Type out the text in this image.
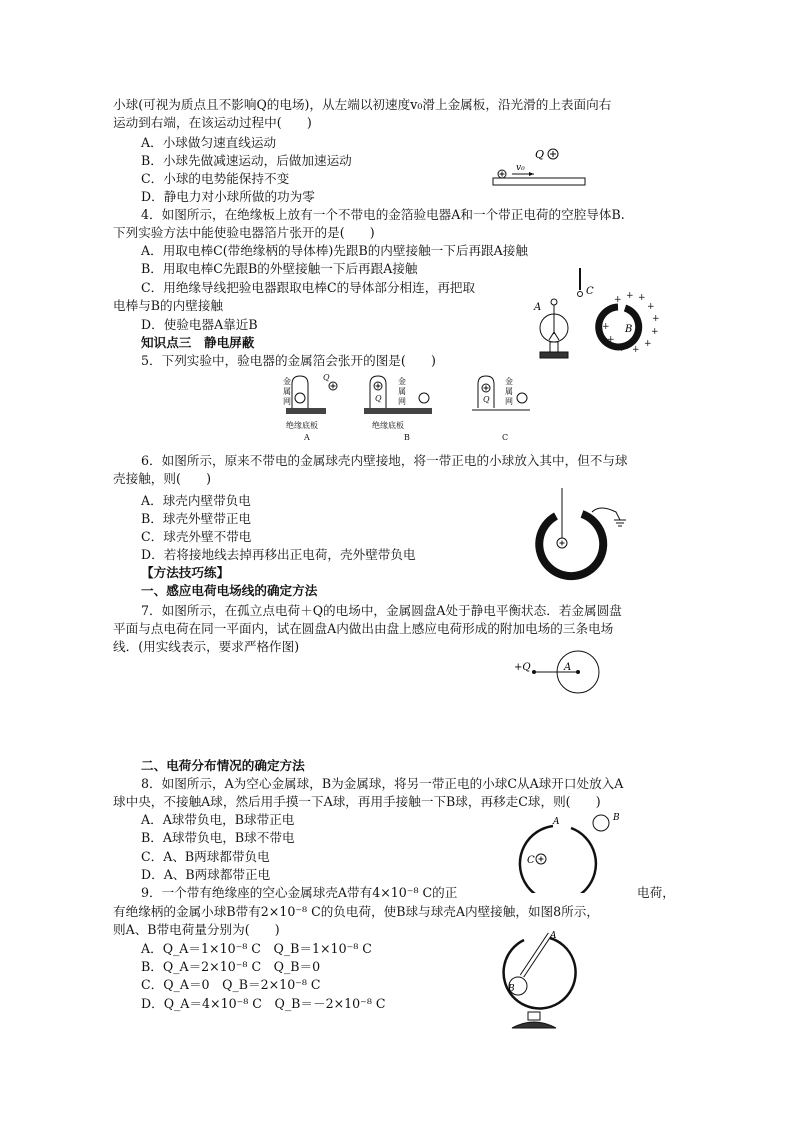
小球(可视为质点且不影响Q的电场)，从左端以初速度v₀滑上金属板，沿光滑的上表面向右
运动到右端，在该运动过程中(　　)
A．小球做匀速直线运动
B．小球先做减速运动，后做加速运动
C．小球的电势能保持不变
D．静电力对小球所做的功为零
Q
v₀
4．如图所示，在绝缘板上放有一个不带电的金箔验电器A和一个带正电荷的空腔导体B.
下列实验方法中能使验电器箔片张开的是(　　)
A．用取电棒C(带绝缘柄的导体棒)先跟B的内壁接触一下后再跟A接触
B．用取电棒C先跟B的外壁接触一下后再跟A接触
C．用绝缘导线把验电器跟取电棒C的导体部分相连，再把取
电棒与B的内壁接触
D．使验电器A靠近B
C
A
B
+ + +
+
+
+
+
+
+
+
+
+
知识点三　静电屏蔽
5．下列实验中，验电器的金属箔会张开的图是(　　)
金
属
网
Q
绝缘底板
A
Q
金
属
网
绝缘底板
B
Q
金
属
网
C
6．如图所示，原来不带电的金属球壳内壁接地，将一带正电的小球放入其中，但不与球
壳接触，则(　　)
A．球壳内壁带负电
B．球壳外壁带正电
C．球壳外壁不带电
D．若将接地线去掉再移出正电荷，壳外壁带负电
【方法技巧练】
一、感应电荷电场线的确定方法
7．如图所示，在孤立点电荷＋Q的电场中，金属圆盘A处于静电平衡状态．若金属圆盘
平面与点电荷在同一平面内，试在圆盘A内做出由盘上感应电荷形成的附加电场的三条电场
线．(用实线表示，要求严格作图)
+Q	A
二、电荷分布情况的确定方法
8．如图所示，A为空心金属球，B为金属球，将另一带正电的小球C从A球开口处放入A
球中央，不接触A球，然后用手摸一下A球，再用手接触一下B球，再移走C球，则(　　)
A．A球带负电，B球带正电
B．A球带负电，B球不带电
C．A、B两球都带负电
D．A、B两球都带正电
A	B
C
9．一个带有绝缘座的空心金属球壳A带有4×10⁻⁸ C的正	电荷，
有绝缘柄的金属小球B带有2×10⁻⁸ C的负电荷，使B球与球壳A内壁接触，如图8所示，
则A、B带电荷量分别为(　　)
A．Q_A＝1×10⁻⁸ C　Q_B＝1×10⁻⁸ C
B．Q_A＝2×10⁻⁸ C　Q_B＝0
C．Q_A＝0　Q_B＝2×10⁻⁸ C
D．Q_A＝4×10⁻⁸ C　Q_B＝－2×10⁻⁸ C
A
B
